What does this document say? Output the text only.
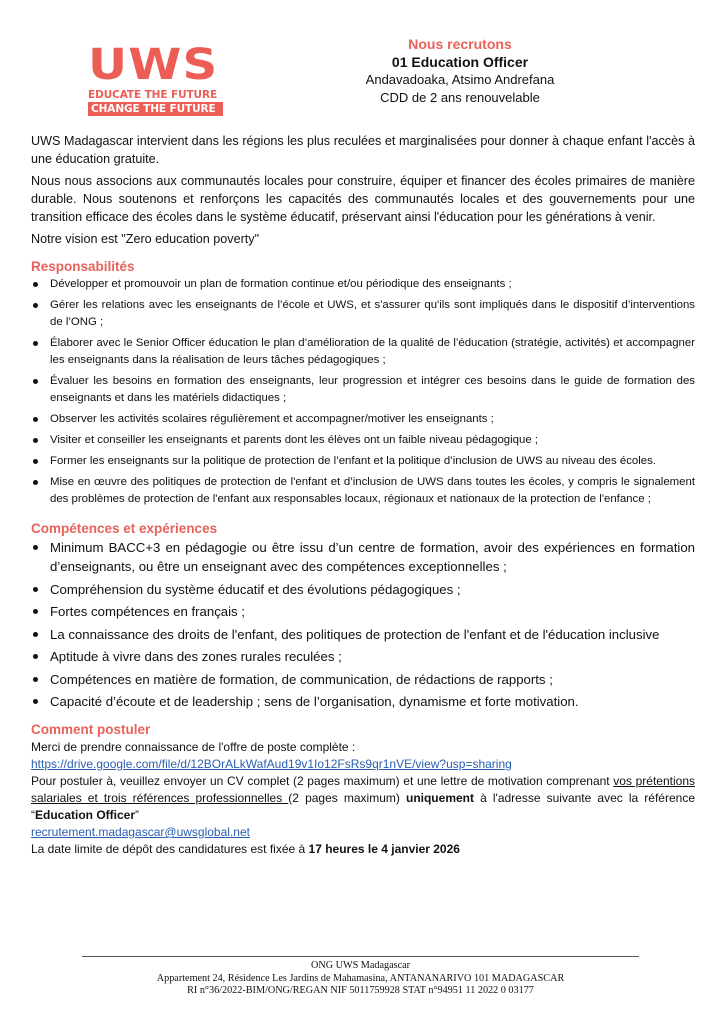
UWS
EDUCATE THE FUTURE
CHANGE THE FUTURE
Nous recrutons
01 Education Officer
Andavadoaka, Atsimo Andrefana
CDD de 2 ans renouvelable

UWS Madagascar intervient dans les régions les plus reculées et marginalisées pour donner à chaque enfant l'accès à une éducation gratuite.

Nous nous associons aux communautés locales pour construire, équiper et financer des écoles primaires de manière durable. Nous soutenons et renforçons les capacités des communautés locales et des gouvernements pour une transition efficace des écoles dans le système éducatif, préservant ainsi l'éducation pour les générations à venir.

Notre vision est "Zero education poverty"

Responsabilités
Développer et promouvoir un plan de formation continue et/ou périodique des enseignants ;
Gérer les relations avec les enseignants de l’école et UWS, et s'assurer qu'ils sont impliqués dans le dispositif d’interventions de l’ONG ;
Élaborer avec le Senior Officer éducation le plan d’amélioration de la qualité de l’éducation (stratégie, activités) et accompagner les enseignants dans la réalisation de leurs tâches pédagogiques ;
Évaluer les besoins en formation des enseignants, leur progression et intégrer ces besoins dans le guide de formation des enseignants et dans les matériels didactiques ;
Observer les activités scolaires régulièrement et accompagner/motiver les enseignants ;
Visiter et conseiller les enseignants et parents dont les élèves ont un faible niveau pédagogique ;
Former les enseignants sur la politique de protection de l’enfant et la politique d’inclusion de UWS au niveau des écoles.
Mise en œuvre des politiques de protection de l'enfant et d’inclusion de UWS dans toutes les écoles, y compris le signalement des problèmes de protection de l'enfant aux responsables locaux, régionaux et nationaux de la protection de l'enfance ;
Compétences et expériences
Minimum BACC+3 en pédagogie ou être issu d’un centre de formation, avoir des expériences en formation d’enseignants, ou être un enseignant avec des compétences exceptionnelles ;
Compréhension du système éducatif et des évolutions pédagogiques ;
Fortes compétences en français ;
La connaissance des droits de l'enfant, des politiques de protection de l'enfant et de l'éducation inclusive
Aptitude à vivre dans des zones rurales reculées ;
Compétences en matière de formation, de communication, de rédactions de rapports ;
Capacité d’écoute et de leadership ; sens de l’organisation, dynamisme et forte motivation.
Comment postuler

Merci de prendre connaissance de l'offre de poste complète :

https://drive.google.com/file/d/12BOrALkWafAud19v1Io12FsRs9qr1nVE/view?usp=sharing

Pour postuler à, veuillez envoyer un CV complet (2 pages maximum) et une lettre de motivation comprenant vos prétentions salariales et trois références professionnelles (2 pages maximum) uniquement à l'adresse suivante avec la référence “Education Officer”

recrutement.madagascar@uwsglobal.net

La date limite de dépôt des candidatures est fixée à 17 heures le 4 janvier 2026

ONG UWS Madagascar
Appartement 24, Résidence Les Jardins de Mahamasina, ANTANANARIVO 101 MADAGASCAR
RI n°36/2022-BIM/ONG/REGAN NIF 5011759928 STAT n°94951 11 2022 0 03177
